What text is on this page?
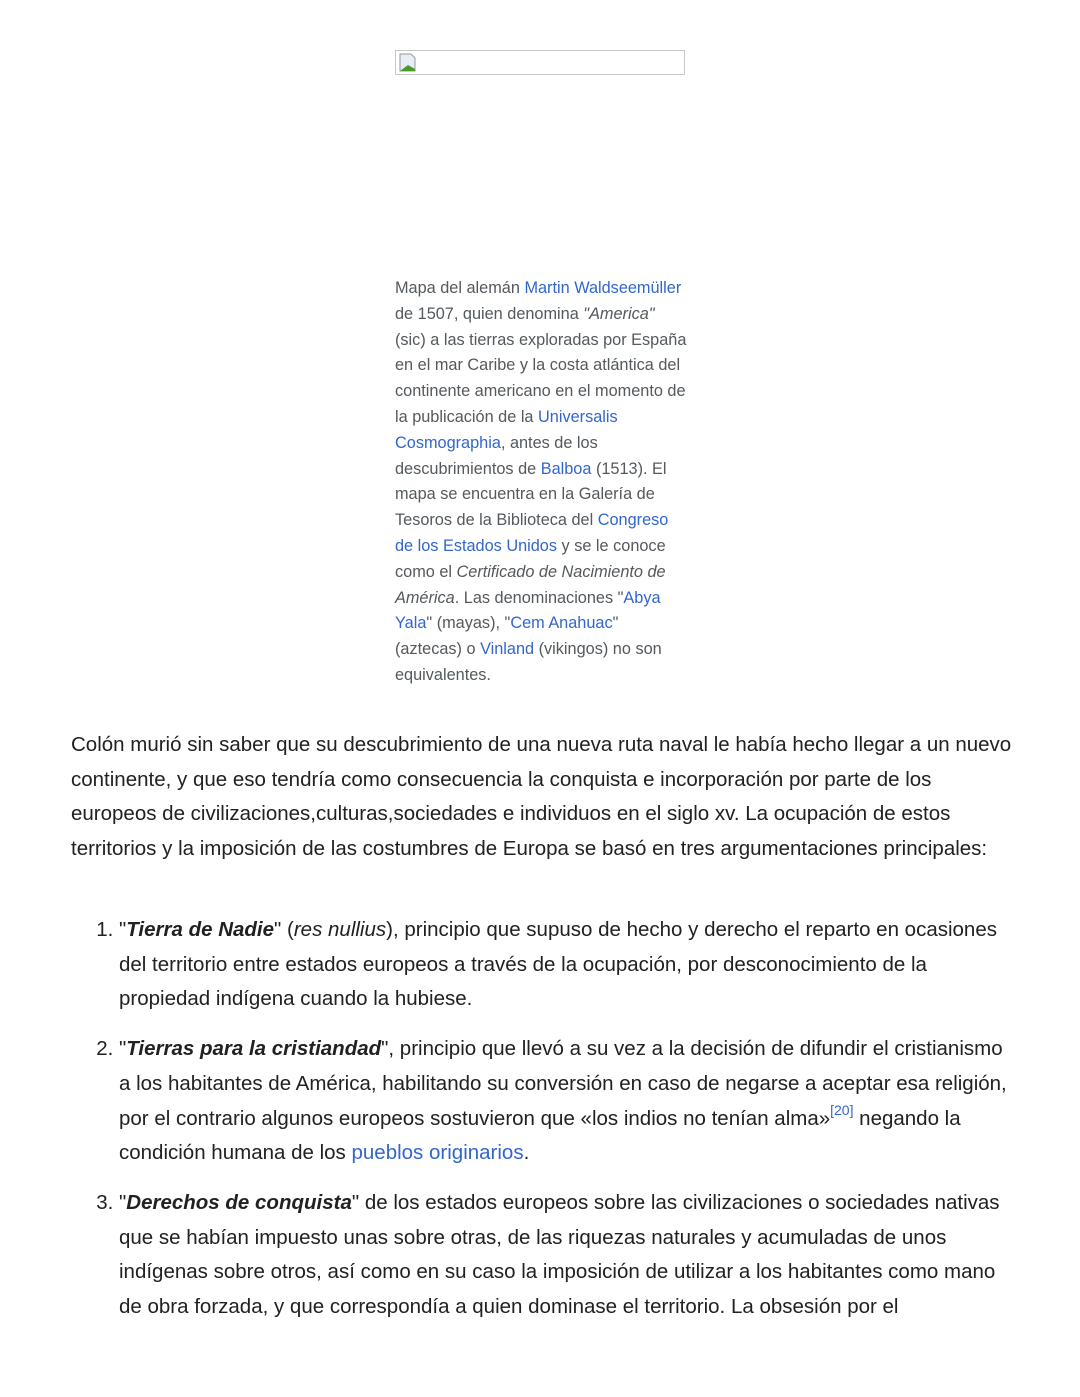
Mapa del alemán Martin Waldseemüller de 1507, quien denomina "America" (sic) a las tierras exploradas por España en el mar Caribe y la costa atlántica del continente americano en el momento de la publicación de la Universalis Cosmographia, antes de los descubrimientos de Balboa (1513). El mapa se encuentra en la Galería de Tesoros de la Biblioteca del Congreso de los Estados Unidos y se le conoce como el Certificado de Nacimiento de América. Las denominaciones "Abya Yala" (mayas), "Cem Anahuac" (aztecas) o Vinland (vikingos) no son equivalentes.

Colón murió sin saber que su descubrimiento de una nueva ruta naval le había hecho llegar a un nuevo continente, y que eso tendría como consecuencia la conquista e incorporación por parte de los europeos de civilizaciones,culturas,sociedades e individuos en el siglo xv. La ocupación de estos territorios y la imposición de las costumbres de Europa se basó en tres argumentaciones principales:

1. "Tierra de Nadie" (res nullius), principio que supuso de hecho y derecho el reparto en ocasiones del territorio entre estados europeos a través de la ocupación, por desconocimiento de la propiedad indígena cuando la hubiese.
2. "Tierras para la cristiandad", principio que llevó a su vez a la decisión de difundir el cristianismo a los habitantes de América, habilitando su conversión en caso de negarse a aceptar esa religión, por el contrario algunos europeos sostuvieron que «los indios no tenían alma»[20] negando la condición humana de los pueblos originarios.
3. "Derechos de conquista" de los estados europeos sobre las civilizaciones o sociedades nativas que se habían impuesto unas sobre otras, de las riquezas naturales y acumuladas de unos indígenas sobre otros, así como en su caso la imposición de utilizar a los habitantes como mano de obra forzada, y que correspondía a quien dominase el territorio. La obsesión por el
